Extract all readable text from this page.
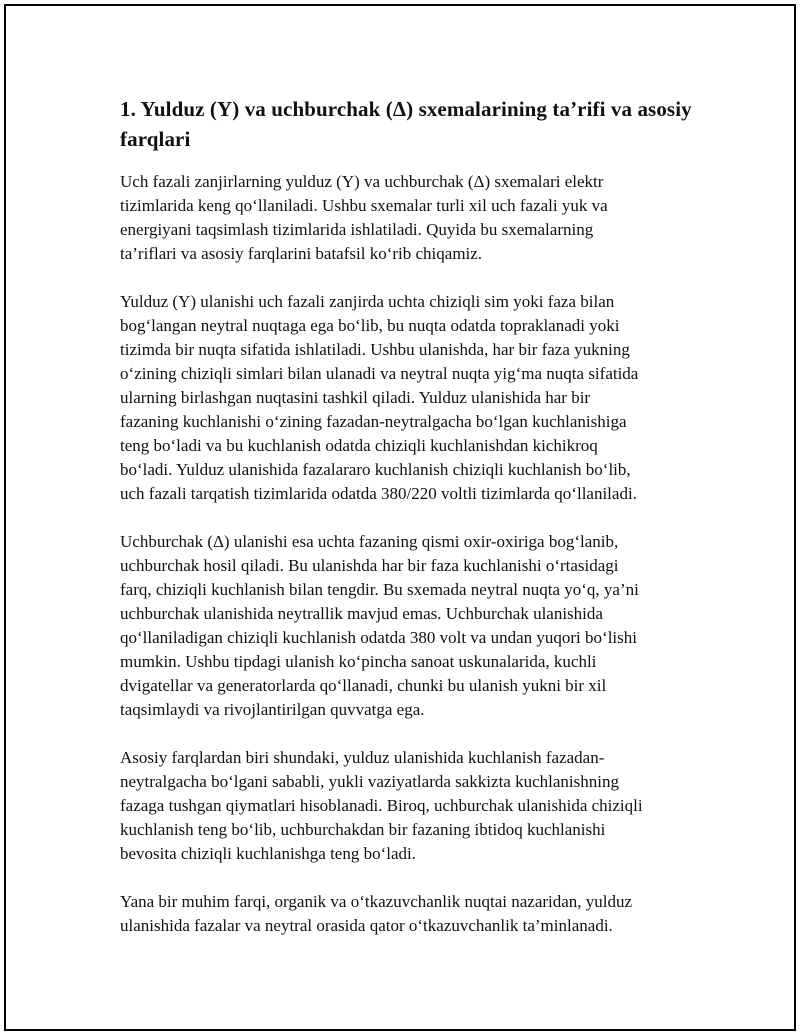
1. Yulduz (Y) va uchburchak (Δ) sxemalarining ta’rifi va asosiy farqlari

Uch fazali zanjirlarning yulduz (Y) va uchburchak (Δ) sxemalari elektr
tizimlarida keng qo‘llaniladi. Ushbu sxemalar turli xil uch fazali yuk va
energiyani taqsimlash tizimlarida ishlatiladi. Quyida bu sxemalarning
ta’riflari va asosiy farqlarini batafsil ko‘rib chiqamiz.

Yulduz (Y) ulanishi uch fazali zanjirda uchta chiziqli sim yoki faza bilan
bog‘langan neytral nuqtaga ega bo‘lib, bu nuqta odatda topraklanadi yoki
tizimda bir nuqta sifatida ishlatiladi. Ushbu ulanishda, har bir faza yukning
o‘zining chiziqli simlari bilan ulanadi va neytral nuqta yig‘ma nuqta sifatida
ularning birlashgan nuqtasini tashkil qiladi. Yulduz ulanishida har bir
fazaning kuchlanishi o‘zining fazadan-neytralgacha bo‘lgan kuchlanishiga
teng bo‘ladi va bu kuchlanish odatda chiziqli kuchlanishdan kichikroq
bo‘ladi. Yulduz ulanishida fazalararo kuchlanish chiziqli kuchlanish bo‘lib,
uch fazali tarqatish tizimlarida odatda 380/220 voltli tizimlarda qo‘llaniladi.

Uchburchak (Δ) ulanishi esa uchta fazaning qismi oxir-oxiriga bog‘lanib,
uchburchak hosil qiladi. Bu ulanishda har bir faza kuchlanishi o‘rtasidagi
farq, chiziqli kuchlanish bilan tengdir. Bu sxemada neytral nuqta yo‘q, ya’ni
uchburchak ulanishida neytrallik mavjud emas. Uchburchak ulanishida
qo‘llaniladigan chiziqli kuchlanish odatda 380 volt va undan yuqori bo‘lishi
mumkin. Ushbu tipdagi ulanish ko‘pincha sanoat uskunalarida, kuchli
dvigatellar va generatorlarda qo‘llanadi, chunki bu ulanish yukni bir xil
taqsimlaydi va rivojlantirilgan quvvatga ega.

Asosiy farqlardan biri shundaki, yulduz ulanishida kuchlanish fazadan-
neytralgacha bo‘lgani sababli, yukli vaziyatlarda sakkizta kuchlanishning
fazaga tushgan qiymatlari hisoblanadi. Biroq, uchburchak ulanishida chiziqli
kuchlanish teng bo‘lib, uchburchakdan bir fazaning ibtidoq kuchlanishi
bevosita chiziqli kuchlanishga teng bo‘ladi.

Yana bir muhim farqi, organik va o‘tkazuvchanlik nuqtai nazaridan, yulduz
ulanishida fazalar va neytral orasida qator o‘tkazuvchanlik ta’minlanadi.
